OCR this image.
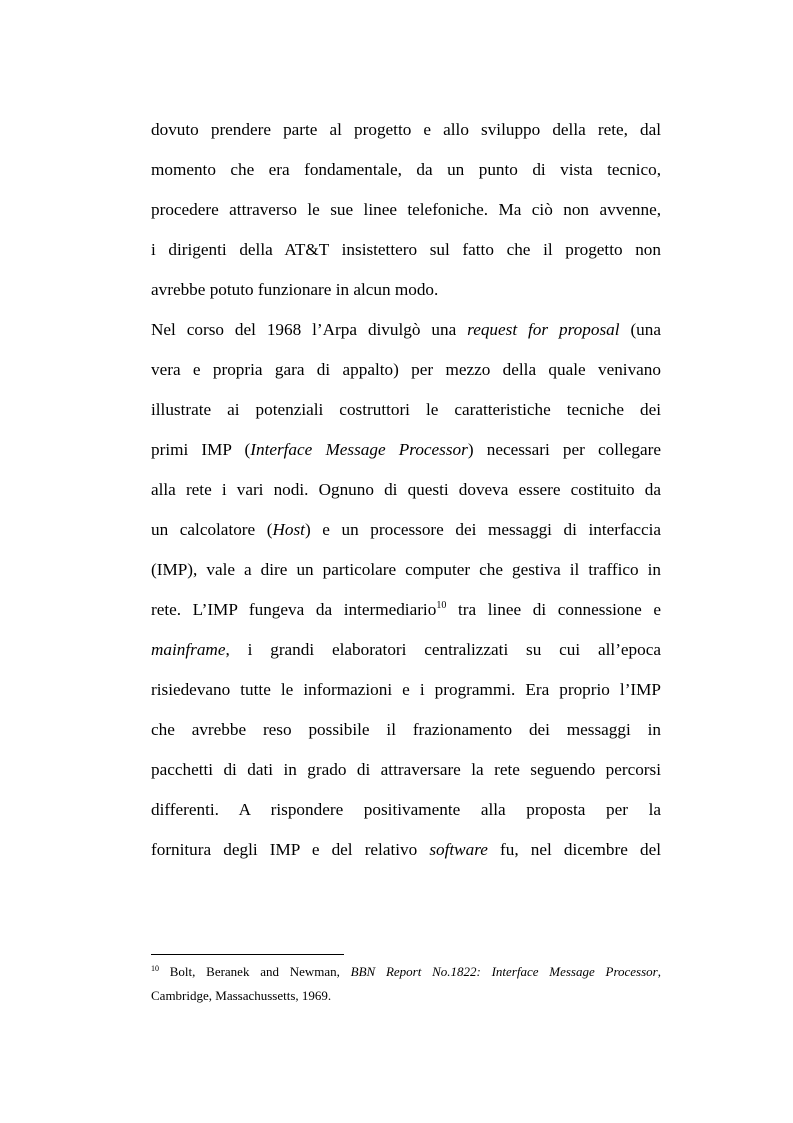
dovuto prendere parte al progetto e allo sviluppo della rete, dal
momento che era fondamentale, da un punto di vista tecnico,
procedere attraverso le sue linee telefoniche. Ma ciò non avvenne,
i dirigenti della AT&T insistettero sul fatto che il progetto non
avrebbe potuto funzionare in alcun modo.
Nel corso del 1968 l’Arpa divulgò una request for proposal (una
vera e propria gara di appalto) per mezzo della quale venivano
illustrate ai potenziali costruttori le caratteristiche tecniche dei
primi IMP (Interface Message Processor) necessari per collegare
alla rete i vari nodi. Ognuno di questi doveva essere costituito da
un calcolatore (Host) e un processore dei messaggi di interfaccia
(IMP), vale a dire un particolare computer che gestiva il traffico in
rete. L’IMP fungeva da intermediario$^{10}$ tra linee di connessione e
mainframe, i grandi elaboratori centralizzati su cui all’epoca
risiedevano tutte le informazioni e i programmi. Era proprio l’IMP
che avrebbe reso possibile il frazionamento dei messaggi in
pacchetti di dati in grado di attraversare la rete seguendo percorsi
differenti. A rispondere positivamente alla proposta per la
fornitura degli IMP e del relativo software fu, nel dicembre del
$^{10}$ Bolt, Beranek and Newman, BBN Report No.1822: Interface Message Processor,
Cambridge, Massachussetts, 1969.
